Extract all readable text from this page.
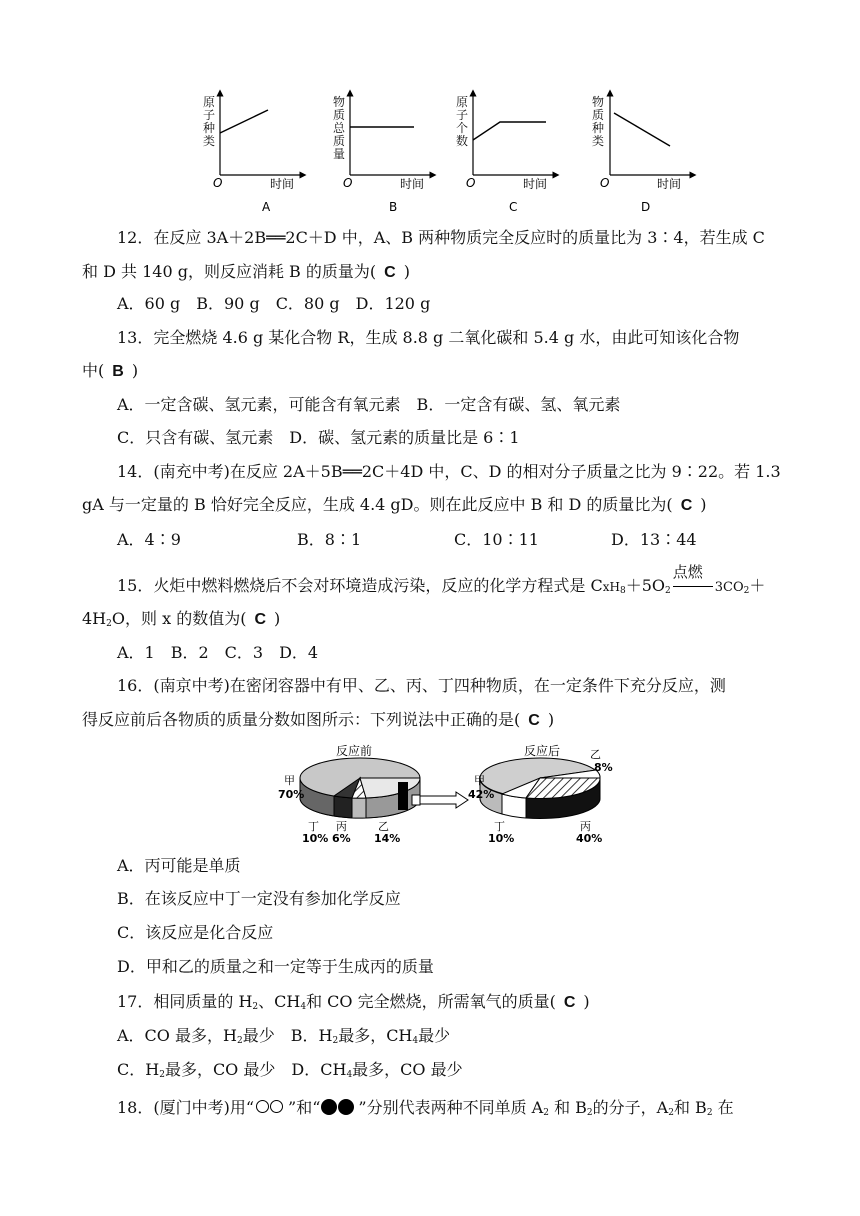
O	时间
A
O	时间
B
O	时间
C
O	时间
D
原
子
种
类
物
质
总
质
量
原
子
个
数
物
质
种
类
12．在反应 3A＋2B══2C＋D 中，A、B 两种物质完全反应时的质量比为 3∶4，若生成 C
和 D 共 140 g，则反应消耗 B 的质量为( C )
A．60 g　B．90 g　C．80 g　D．120 g
13．完全燃烧 4.6 g 某化合物 R，生成 8.8 g 二氧化碳和 5.4 g 水，由此可知该化合物
中( B )
A．一定含碳、氢元素，可能含有氧元素　B．一定含有碳、氢、氧元素
C．只含有碳、氢元素　D．碳、氢元素的质量比是 6∶1
14．(南充中考)在反应 2A＋5B══2C＋4D 中，C、D 的相对分子质量之比为 9∶22。若 1.3
gA 与一定量的 B 恰好完全反应，生成 4.4 gD。则在此反应中 B 和 D 的质量比为( C )
A．4∶9	B．8∶1	C．10∶11	D．13∶44
15．火炬中燃料燃烧后不会对环境造成污染，反应的化学方程式是 $CxH_8+5O_2$
点燃
$3CO_2+$
$4H_2O$，则 x 的数值为( C )
A．1　B．2　C．3　D．4
16．(南京中考)在密闭容器中有甲、乙、丙、丁四种物质，在一定条件下充分反应，测
得反应前后各物质的质量分数如图所示：下列说法中正确的是( C )
反应前
甲
70%
丁
10%
丙
6%
乙
14%
反应后
甲
42%
乙
8%
丁
10%
丙
40%
A．丙可能是单质
B．在该反应中丁一定没有参加化学反应
C．该反应是化合反应
D．甲和乙的质量之和一定等于生成丙的质量
17．相同质量的 $H_2$、$CH_4$和 CO 完全燃烧，所需氧气的质量( C )
A．CO 最多，$H_2$最少　 B．$H_2$最多，$CH_4$最少
C．$H_2$最多，CO 最少　 D．$CH_4$最多，CO 最少
18．(厦门中考)用“ ”和“ ”分别代表两种不同单质 $A_2$ 和 $B_2$的分子，$A_2$和 $B_2$ 在
